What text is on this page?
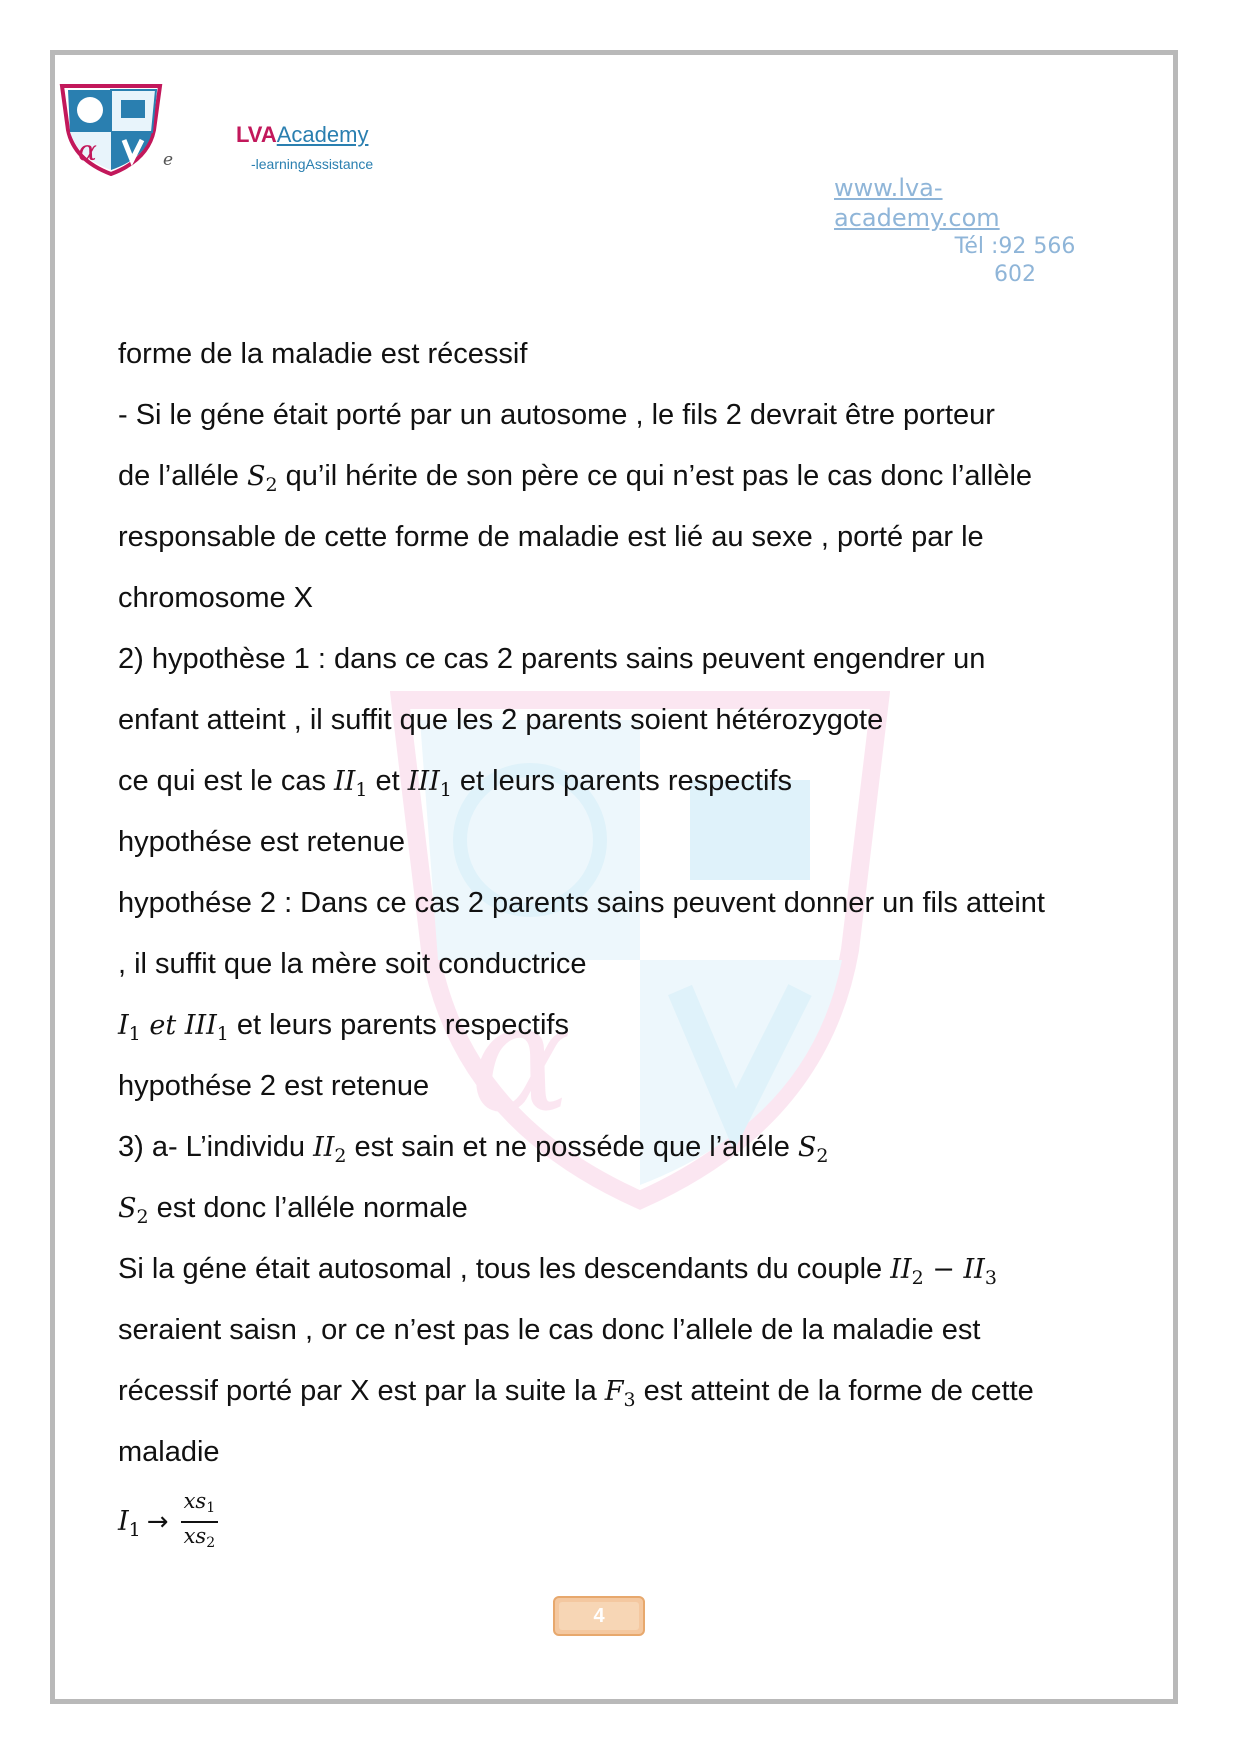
α	e
LVAAcademy
-learningAssistance
www.lva-
academy.com
Tél :92 566
602
α
forme de la maladie est récessif
- Si le géne était porté par un autosome , le fils 2 devrait être porteur
de l’alléle $S_2$ qu’il hérite de son père ce qui n’est pas le cas donc l’allèle
responsable de cette forme de maladie est lié au sexe , porté par le
chromosome X
2) hypothèse 1 : dans ce cas 2 parents sains peuvent engendrer un
enfant atteint , il suffit que les 2 parents soient hétérozygote
ce qui est le cas $II_1$ et $III_1$ et leurs parents respectifs
hypothése est retenue
hypothése 2 : Dans ce cas 2 parents sains peuvent donner un fils atteint
, il suffit que la mère soit conductrice
$I_1$ et $III_1$ et leurs parents respectifs
hypothése 2 est retenue
3) a- L’individu $II_2$ est sain et ne posséde que l’alléle $S_2$
$S_2$ est donc l’alléle normale
Si la géne était autosomal , tous les descendants du couple $II_2 - II_3$
seraient saisn , or ce n’est pas le cas donc l’allele de la maladie est
récessif porté par X est par la suite la $F_3$ est atteint de la forme de cette
maladie
$I_1 \to \frac{xs_1}{xs_2}$
4
